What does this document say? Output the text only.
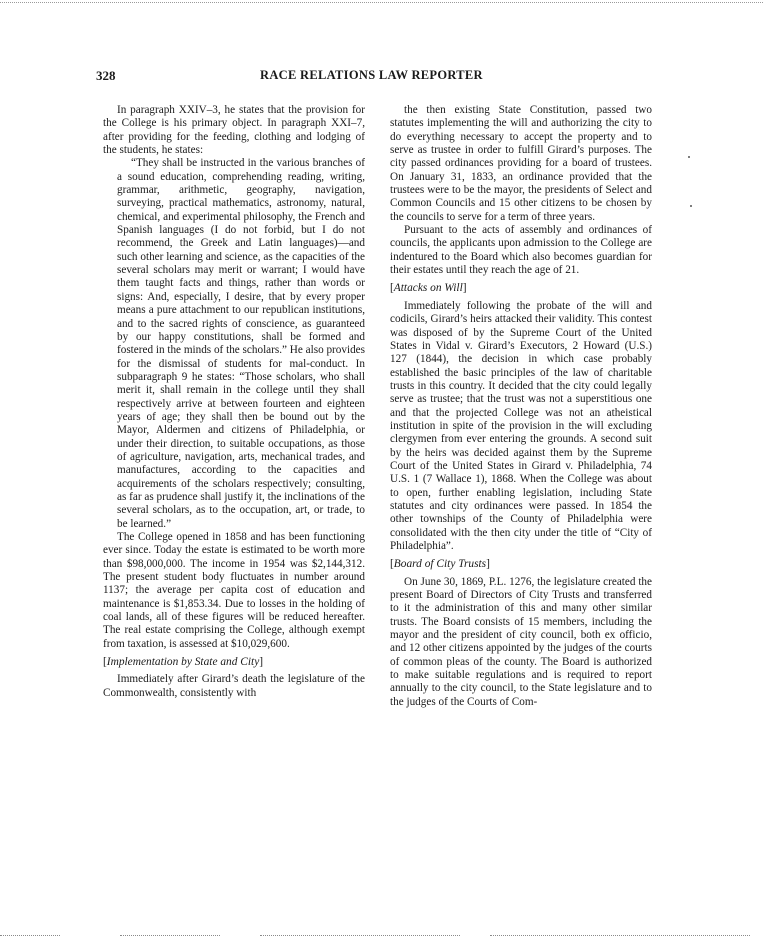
328	RACE RELATIONS LAW REPORTER

In paragraph XXIV–3, he states that the provision for the College is his primary object. In paragraph XXI–7, after providing for the feeding, clothing and lodging of the students, he states:

“They shall be instructed in the various branches of a sound education, comprehending reading, writing, grammar, arithmetic, geography, navigation, surveying, practical mathematics, astronomy, natural, chemical, and experimental philosophy, the French and Spanish languages (I do not forbid, but I do not recommend, the Greek and Latin languages)—and such other learning and science, as the capacities of the several scholars may merit or warrant; I would have them taught facts and things, rather than words or signs: And, especially, I desire, that by every proper means a pure attachment to our republican institutions, and to the sacred rights of conscience, as guaranteed by our happy constitutions, shall be formed and fostered in the minds of the scholars.” He also provides for the dismissal of students for mal-conduct. In subparagraph 9 he states: “Those scholars, who shall merit it, shall remain in the college until they shall respectively arrive at between fourteen and eighteen years of age; they shall then be bound out by the Mayor, Aldermen and citizens of Philadelphia, or under their direction, to suitable occupations, as those of agriculture, navigation, arts, mechanical trades, and manufactures, according to the capacities and acquirements of the scholars respectively; consulting, as far as prudence shall justify it, the inclinations of the several scholars, as to the occupation, art, or trade, to be learned.”

The College opened in 1858 and has been functioning ever since. Today the estate is estimated to be worth more than $98,000,000. The income in 1954 was $2,144,312. The present student body fluctuates in number around 1137; the average per capita cost of education and maintenance is $1,853.34. Due to losses in the holding of coal lands, all of these figures will be reduced hereafter. The real estate comprising the College, although exempt from taxation, is assessed at $10,029,600.

[Implementation by State and City]

Immediately after Girard’s death the legislature of the Commonwealth, consistently with

the then existing State Constitution, passed two statutes implementing the will and authorizing the city to do everything necessary to accept the property and to serve as trustee in order to fulfill Girard’s purposes. The city passed ordinances providing for a board of trustees. On January 31, 1833, an ordinance provided that the trustees were to be the mayor, the presidents of Select and Common Councils and 15 other citizens to be chosen by the councils to serve for a term of three years.

Pursuant to the acts of assembly and ordinances of councils, the applicants upon admission to the College are indentured to the Board which also becomes guardian for their estates until they reach the age of 21.

[Attacks on Will]

Immediately following the probate of the will and codicils, Girard’s heirs attacked their validity. This contest was disposed of by the Supreme Court of the United States in Vidal v. Girard’s Executors, 2 Howard (U.S.) 127 (1844), the decision in which case probably established the basic principles of the law of charitable trusts in this country. It decided that the city could legally serve as trustee; that the trust was not a superstitious one and that the projected College was not an atheistical institution in spite of the provision in the will excluding clergymen from ever entering the grounds. A second suit by the heirs was decided against them by the Supreme Court of the United States in Girard v. Philadelphia, 74 U.S. 1 (7 Wallace 1), 1868. When the College was about to open, further enabling legislation, including State statutes and city ordinances were passed. In 1854 the other townships of the County of Philadelphia were consolidated with the then city under the title of “City of Philadelphia”.

[Board of City Trusts]

On June 30, 1869, P.L. 1276, the legislature created the present Board of Directors of City Trusts and transferred to it the administration of this and many other similar trusts. The Board consists of 15 members, including the mayor and the president of city council, both ex officio, and 12 other citizens appointed by the judges of the courts of common pleas of the county. The Board is authorized to make suitable regulations and is required to report annually to the city council, to the State legislature and to the judges of the Courts of Com-
